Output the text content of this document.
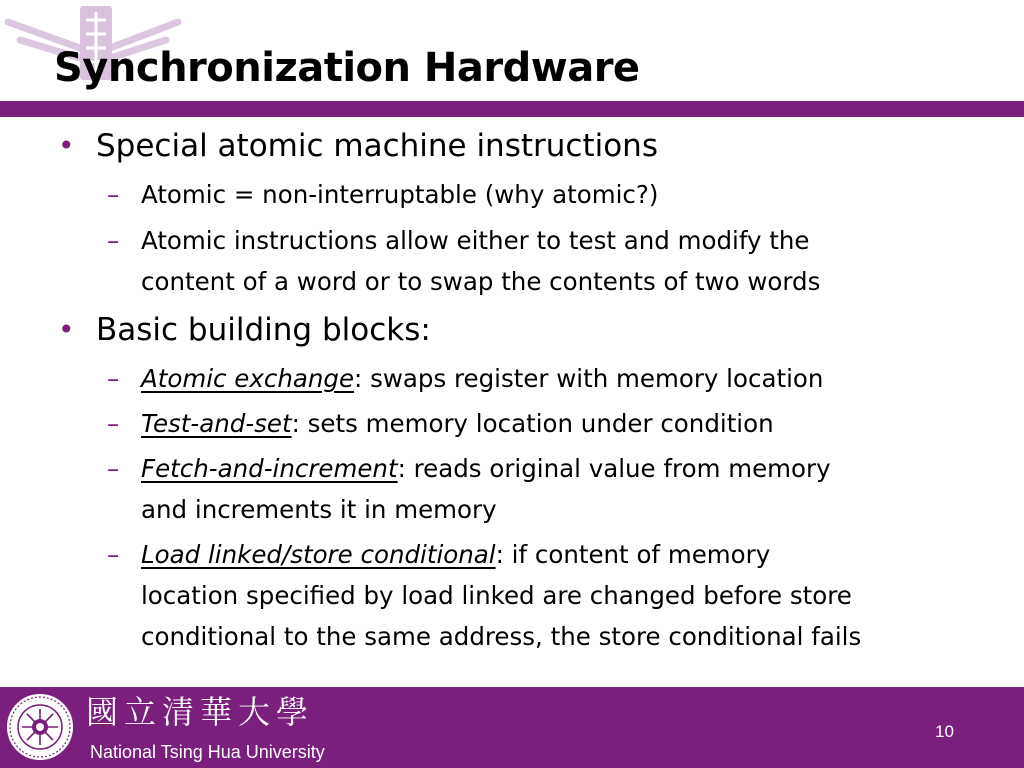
Synchronization Hardware
• Special atomic machine instructions
– Atomic = non-interruptable (why atomic?)
– Atomic instructions allow either to test and modify the
content of a word or to swap the contents of two words
• Basic building blocks:
– Atomic exchange: swaps register with memory location
– Test-and-set: sets memory location under condition
– Fetch-and-increment: reads original value from memory
and increments it in memory
– Load linked/store conditional: if content of memory
location specified by load linked are changed before store
conditional to the same address, the store conditional fails
國立清華大學
National Tsing Hua University
10
